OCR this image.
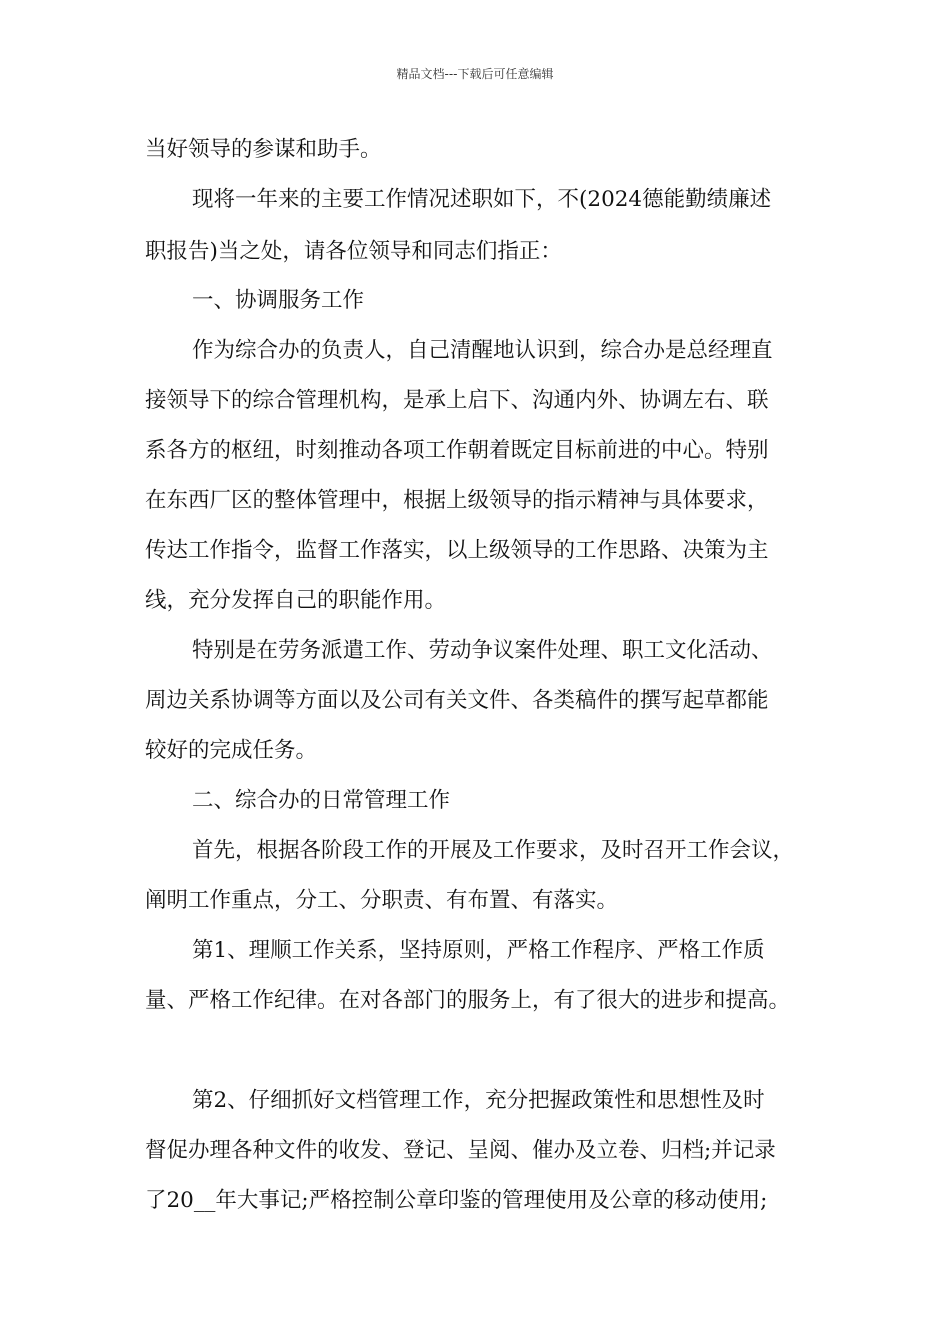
精品文档---下载后可任意编辑
当好领导的参谋和助手。
现将一年来的主要工作情况述职如下，不(2024德能勤绩廉述
职报告)当之处，请各位领导和同志们指正：
一、协调服务工作
作为综合办的负责人，自己清醒地认识到，综合办是总经理直
接领导下的综合管理机构，是承上启下、沟通内外、协调左右、联
系各方的枢纽，时刻推动各项工作朝着既定目标前进的中心。特别
在东西厂区的整体管理中，根据上级领导的指示精神与具体要求，
传达工作指令，监督工作落实，以上级领导的工作思路、决策为主
线，充分发挥自己的职能作用。
特别是在劳务派遣工作、劳动争议案件处理、职工文化活动、
周边关系协调等方面以及公司有关文件、各类稿件的撰写起草都能
较好的完成任务。
二、综合办的日常管理工作
首先，根据各阶段工作的开展及工作要求，及时召开工作会议，
阐明工作重点，分工、分职责、有布置、有落实。
第1、理顺工作关系，坚持原则，严格工作程序、严格工作质
量、严格工作纪律。在对各部门的服务上，有了很大的进步和提高。
第2、仔细抓好文档管理工作，充分把握政策性和思想性及时
督促办理各种文件的收发、登记、呈阅、催办及立卷、归档;并记录
了20__年大事记;严格控制公章印鉴的管理使用及公章的移动使用;
